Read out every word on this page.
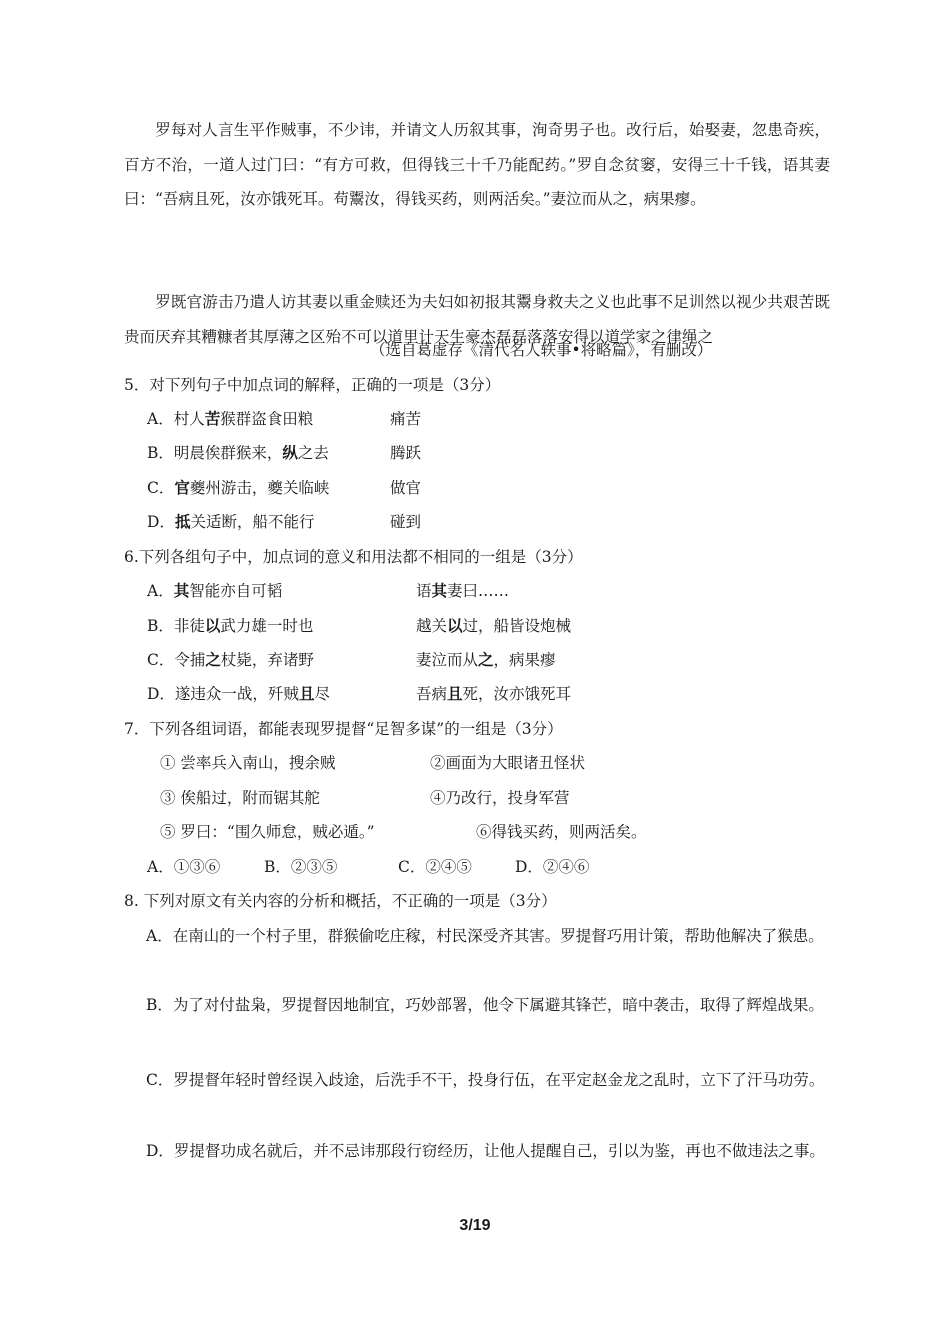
罗每对人言生平作贼事，不少讳，并请文人历叙其事，洵奇男子也。改行后，始娶妻，忽患奇疾，百方不治，一道人过门曰：“有方可救，但得钱三十千乃能配药。”罗自念贫窭，安得三十千钱，语其妻曰：“吾病且死，汝亦饿死耳。苟鬻汝，得钱买药，则两活矣。”妻泣而从之，病果瘳。

罗既官游击乃遣人访其妻以重金赎还为夫妇如初报其鬻身救夫之义也此事不足训然以视少共艰苦既贵而厌弃其糟糠者其厚薄之区殆不可以道里计天生豪杰磊磊落落安得以道学家之律绳之

（选自葛虚存《清代名人轶事•将略篇》，有删改）
5．对下列句子中加点词的解释，正确的一项是（3分）
A．村人苦猴群盗食田粮	痛苦
B．明晨俟群猴来，纵之去	腾跃
C．官夔州游击，夔关临峡	做官
D．抵关适断，船不能行	碰到
6.下列各组句子中，加点词的意义和用法都不相同的一组是（3分）
A．其智能亦自可韬	语其妻曰……
B．非徒以武力雄一时也	越关以过，船皆设炮械
C．令捕之杖毙，弃诸野	妻泣而从之，病果瘳
D．遂违众一战，歼贼且尽	吾病且死，汝亦饿死耳
7．下列各组词语，都能表现罗提督“足智多谋”的一组是（3分）
① 尝率兵入南山，搜余贼	②画面为大眼诸丑怪状
③ 俟船过，附而锯其舵	④乃改行，投身军营
⑤ 罗曰：“围久师怠，贼必遁。”	⑥得钱买药，则两活矣。
A．①③⑥	B．②③⑤	C．②④⑤	D．②④⑥
8. 下列对原文有关内容的分析和概括，不正确的一项是（3分）

A．在南山的一个村子里，群猴偷吃庄稼，村民深受齐其害。罗提督巧用计策，帮助他解决了猴患。

B．为了对付盐枭，罗提督因地制宜，巧妙部署，他令下属避其锋芒，暗中袭击，取得了辉煌战果。

C．罗提督年轻时曾经误入歧途，后洗手不干，投身行伍，在平定赵金龙之乱时，立下了汗马功劳。

D．罗提督功成名就后，并不忌讳那段行窃经历，让他人提醒自己，引以为鉴，再也不做违法之事。

3/19
